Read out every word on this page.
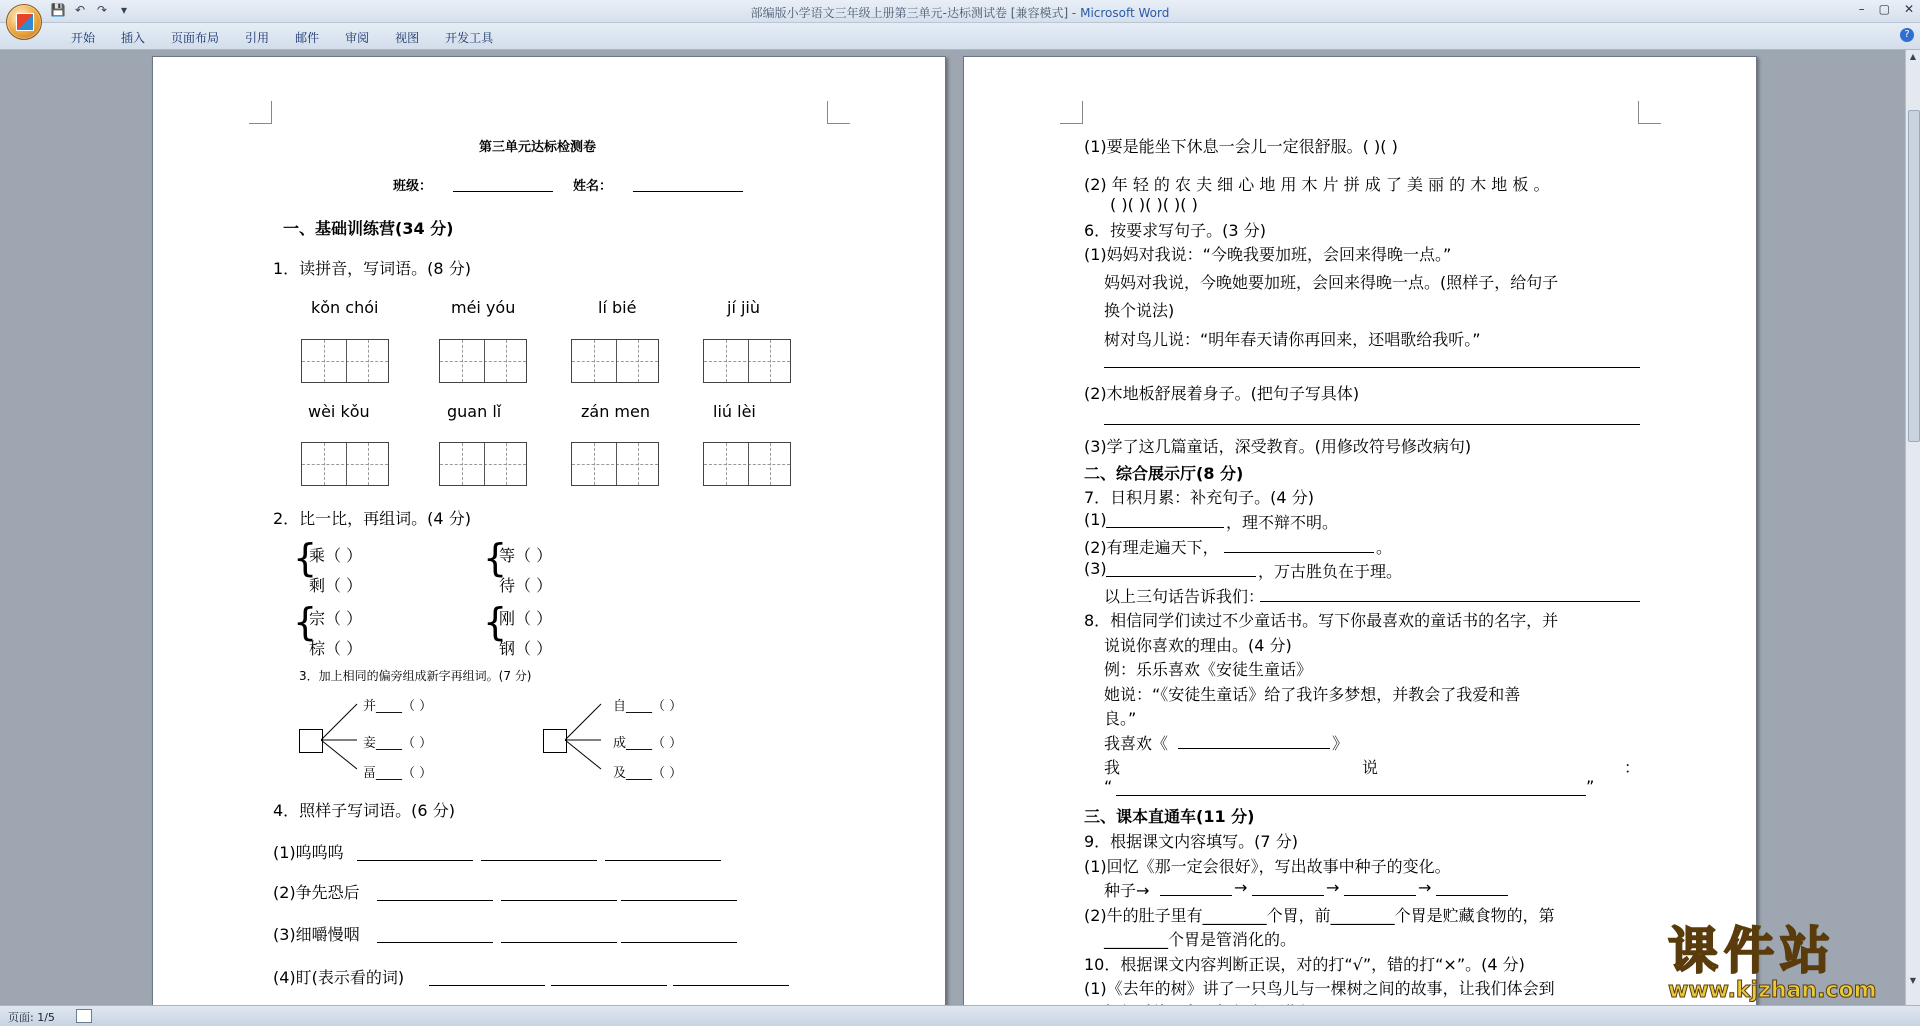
💾 ↶ ↷	▾	部编版小学语文三年级上册第三单元-达标测试卷 [兼容模式] - Microsoft Word	– ▢ ✕
开始	插入	页面布局	引用	邮件	审阅	视图	开发工具	?
第三单元达标检测卷
班级：	姓名：
一、基础训练营(34 分)
1．读拼音，写词语。(8 分)
kǒn chói	méi yóu	lí bié	jí jiù
wèi kǒu	guan lǐ	zán men	liú lèi
2．比一比，再组词。(4 分)
{
乘（ ）
剩（ ）
{
等（ ）
待（ ）
{
宗（ ）
棕（ ）
{
刚（ ）
钢（ ）
3．加上相同的偏旁组成新字再组词。(7 分)
并____（ ）
妾____（ ）
畐____（ ）
自____（ ）
成____（ ）
及____（ ）
4．照样子写词语。(6 分)
(1)呜呜呜
(2)争先恐后
(3)细嚼慢咽
(4)盯(表示看的词)
(1)要是能坐下休息一会儿一定很舒服。( )( )
(2) 年 轻 的 农 夫 细 心 地 用 木 片 拼 成 了 美 丽 的 木 地 板 。
( )( )( )( )( )
6．按要求写句子。(3 分)
(1)妈妈对我说：“今晚我要加班，会回来得晚一点。”
妈妈对我说，今晚她要加班，会回来得晚一点。(照样子，给句子
换个说法)
树对鸟儿说：“明年春天请你再回来，还唱歌给我听。”
(2)木地板舒展着身子。(把句子写具体)
(3)学了这几篇童话，深受教育。(用修改符号修改病句)
二、综合展示厅(8 分)
7．日积月累：补充句子。(4 分)
(1)	，理不辩不明。
(2)有理走遍天下，	。
(3)	，万古胜负在于理。
以上三句话告诉我们：
8．相信同学们读过不少童话书。写下你最喜欢的童话书的名字，并
说说你喜欢的理由。(4 分)
例：乐乐喜欢《安徒生童话》
她说：“《安徒生童话》给了我许多梦想，并教会了我爱和善
良。”
我喜欢《	》
我	说	：
“	”
三、课本直通车(11 分)
9．根据课文内容填写。(7 分)
(1)回忆《那一定会很好》，写出故事中种子的变化。
种子→	→	→	→
(2)牛的肚子里有________个胃，前________个胃是贮藏食物的，第
________个胃是管消化的。
10．根据课文内容判断正误，对的打“√”，错的打“×”。(4 分)
(1)《去年的树》讲了一只鸟儿与一棵树之间的故事，让我们体会到
课件站
www.kjzhan.com
▲
▼
页面: 1/5
